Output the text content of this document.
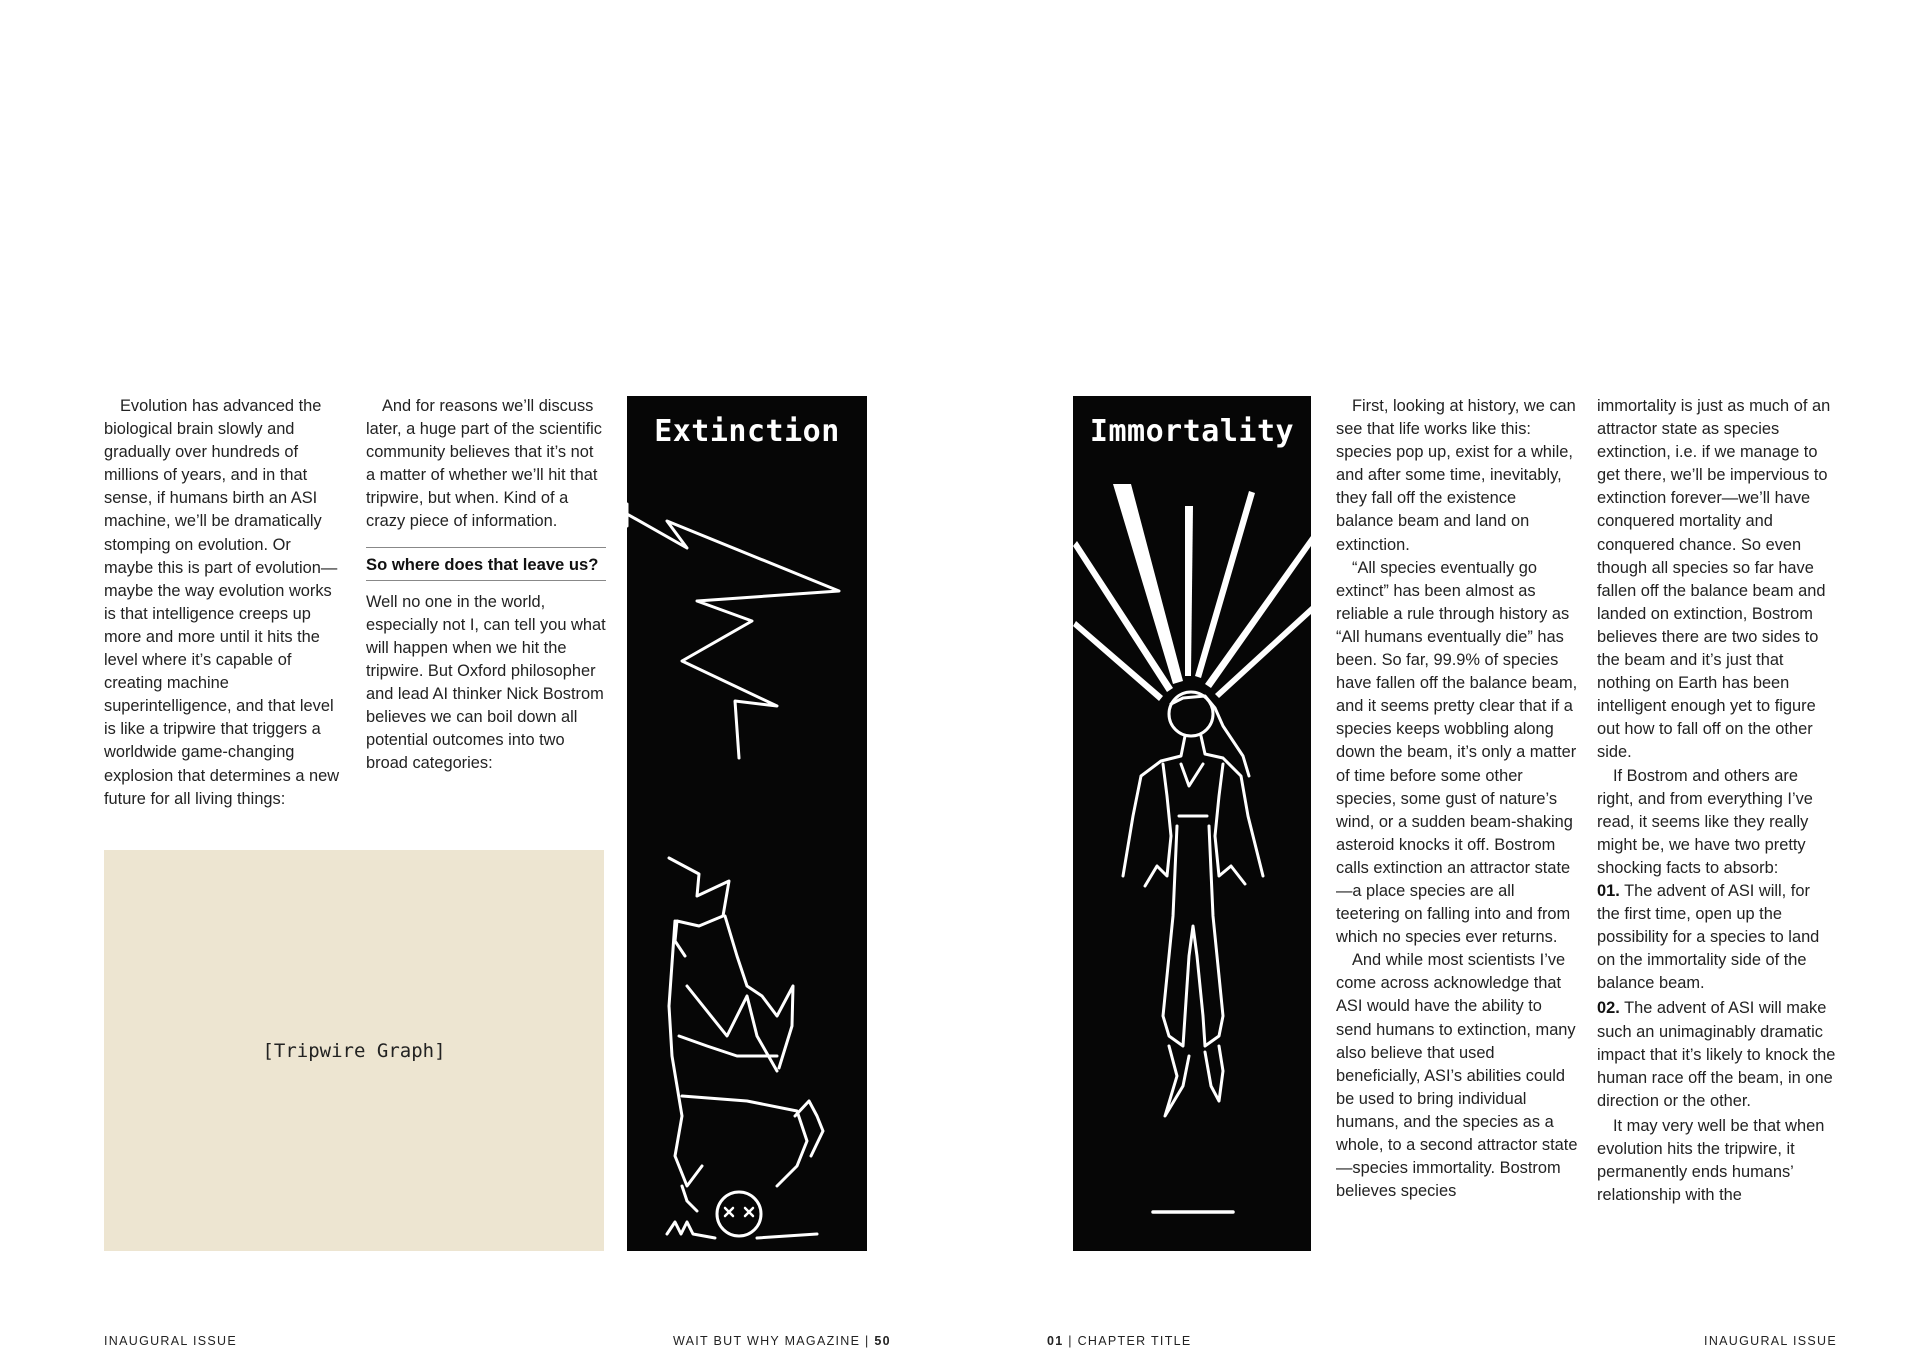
Evolution has advanced the biological brain slowly and gradually over hundreds of millions of years, and in that sense, if humans birth an ASI machine, we’ll be dramatically stomping on evolution. Or maybe this is part of evolution—maybe the way evolution works is that intelligence creeps up more and more until it hits the level where it’s capable of creating machine superintelligence, and that level is like a tripwire that triggers a worldwide game-changing explosion that determines a new future for all living things:

And for reasons we’ll discuss later, a huge part of the scientific community believes that it’s not a matter of whether we’ll hit that tripwire, but when. Kind of a crazy piece of information.

So where does that leave us?

Well no one in the world, especially not I, can tell you what will happen when we hit the tripwire. But Oxford philosopher and lead AI thinker Nick Bostrom believes we can boil down all potential outcomes into two broad categories:

[Tripwire Graph]
Extinction	Immortality

First, looking at history, we can see that life works like this: species pop up, exist for a while, and after some time, inevitably, they fall off the existence balance beam and land on extinction.

“All species eventually go extinct” has been almost as reliable a rule through history as “All humans eventually die” has been. So far, 99.9% of species have fallen off the balance beam, and it seems pretty clear that if a species keeps wobbling along down the beam, it’s only a matter of time before some other species, some gust of nature’s wind, or a sudden beam-shaking asteroid knocks it off. Bostrom calls extinction an attractor state—a place species are all teetering on falling into and from which no species ever returns.

And while most scientists I’ve come across acknowledge that ASI would have the ability to send humans to extinction, many also believe that used beneficially, ASI’s abilities could be used to bring individual humans, and the species as a whole, to a second attractor state—species immortality. Bostrom believes species

immortality is just as much of an attractor state as species extinction, i.e. if we manage to get there, we’ll be impervious to extinction forever—we’ll have conquered mortality and conquered chance. So even though all species so far have fallen off the balance beam and landed on extinction, Bostrom believes there are two sides to the beam and it’s just that nothing on Earth has been intelligent enough yet to figure out how to fall off on the other side.

If Bostrom and others are right, and from everything I’ve read, it seems like they really might be, we have two pretty shocking facts to absorb:

01. The advent of ASI will, for the first time, open up the possibility for a species to land on the immortality side of the balance beam.

02. The advent of ASI will make such an unimaginably dramatic impact that it’s likely to knock the human race off the beam, in one direction or the other.

It may very well be that when evolution hits the tripwire, it permanently ends humans’ relationship with the

INAUGURAL ISSUE	WAIT BUT WHY MAGAZINE | 50	01 | CHAPTER TITLE	INAUGURAL ISSUE
